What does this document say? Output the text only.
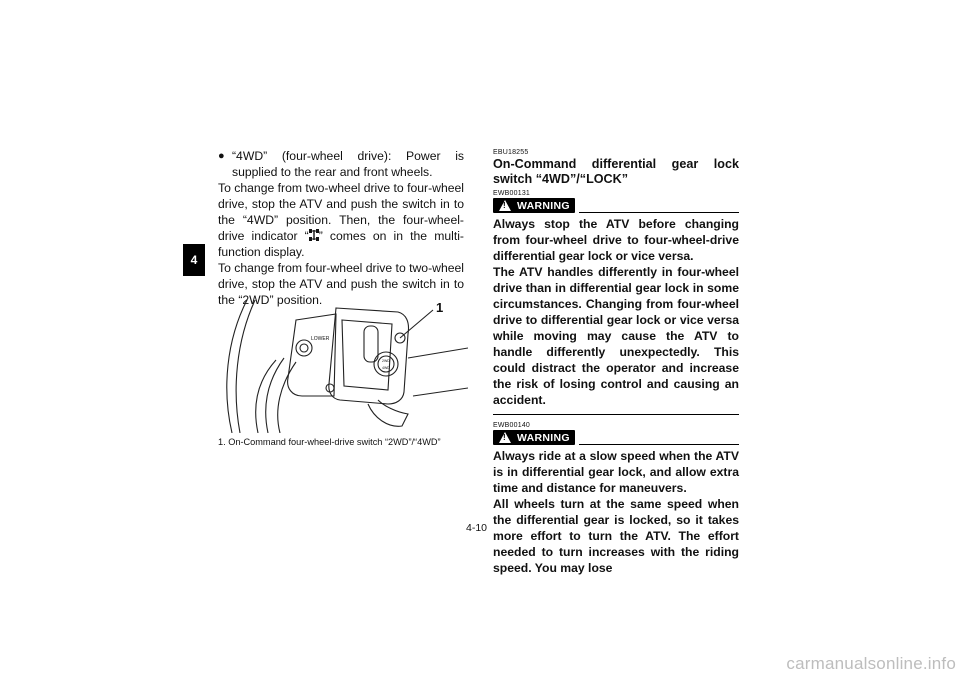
4
● “4WD” (four-wheel drive): Power is supplied to the rear and front wheels.

To change from two-wheel drive to four-wheel drive, stop the ATV and push the switch in to the “4WD” position. Then, the four-wheel-drive indicator “ ” comes on in the multi-function display.

To change from four-wheel drive to two-wheel drive, stop the ATV and push the switch in to the “2WD” position.	1
LOWER
2WD
4WD
1. On-Command four-wheel-drive switch “2WD”/“4WD”
EBU18255
On-Command differential gear lock switch “4WD”/“LOCK”
EWB00131
! WARNING

Always stop the ATV before changing from four-wheel drive to four-wheel-drive differential gear lock or vice versa.

The ATV handles differently in four-wheel drive than in differential gear lock in some circumstances. Changing from four-wheel drive to differential gear lock or vice versa while moving may cause the ATV to handle differently unexpectedly. This could distract the operator and increase the risk of losing control and causing an accident.

EWB00140
! WARNING

Always ride at a slow speed when the ATV is in differential gear lock, and allow extra time and distance for maneuvers.

All wheels turn at the same speed when the differential gear is locked, so it takes more effort to turn the ATV. The effort needed to turn increases with the riding speed. You may lose

4-10
carmanualsonline.info
